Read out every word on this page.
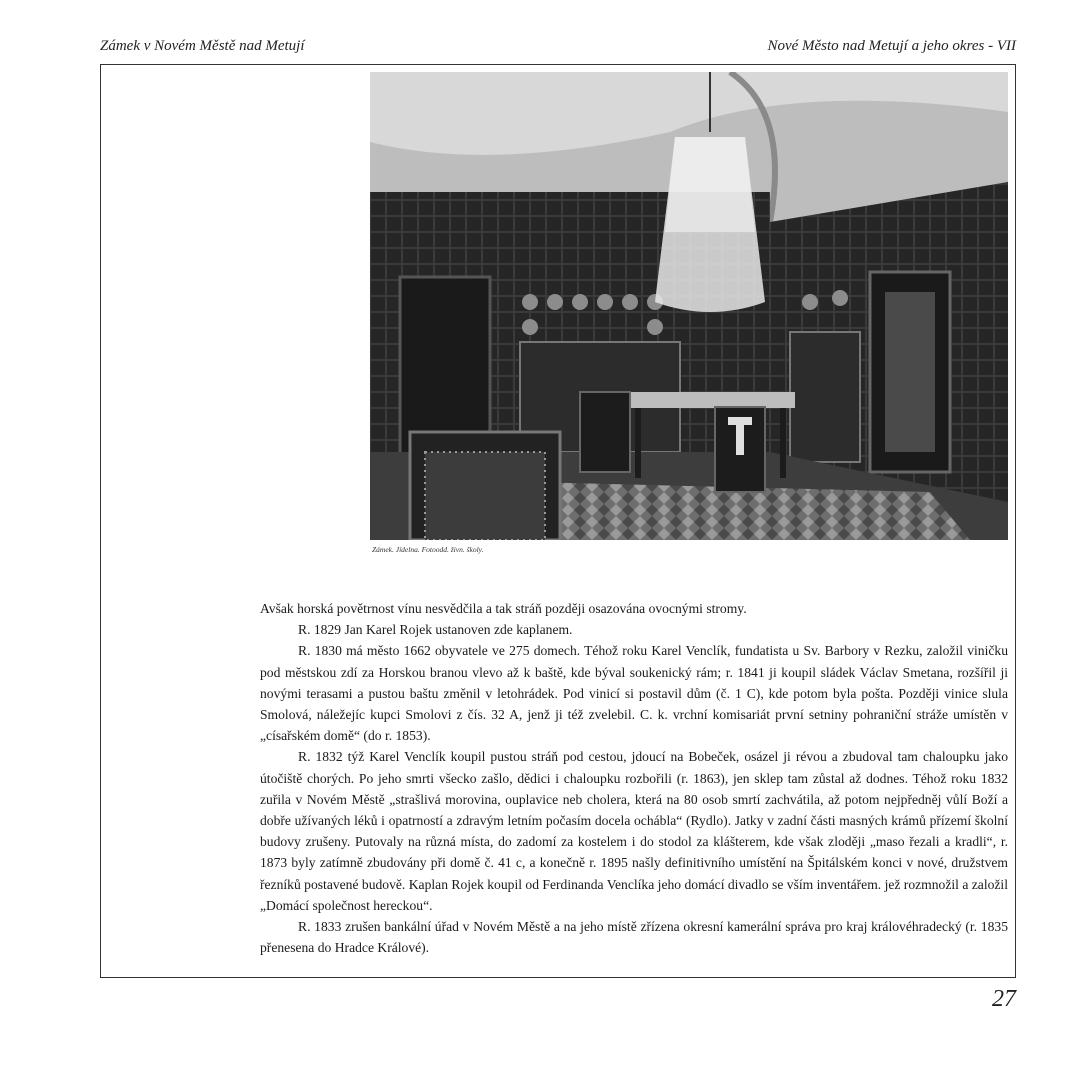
Zámek v Novém Městě nad Metují	Nové Město nad Metují a jeho okres - VII
Zámek. Jídelna. Fotoodd. živn. školy.

Avšak horská povětrnost vínu nesvědčila a tak stráň později osazována ovocnými stromy.

R. 1829 Jan Karel Rojek ustanoven zde kaplanem.

R. 1830 má město 1662 obyvatele ve 275 domech. Téhož roku Karel Venclík, fundatista u Sv. Barbory v Rezku, založil viničku pod městskou zdí za Horskou branou vlevo až k baště, kde býval soukenický rám; r. 1841 ji koupil sládek Václav Smetana, rozšířil ji novými terasami a pustou baštu změnil v letohrádek. Pod vinicí si postavil dům (č. 1 C), kde potom byla pošta. Později vinice slula Smolová, náležejíc kupci Smolovi z čís. 32 A, jenž ji též zvelebil. C. k. vrchní komisariát první setniny pohraniční stráže umístěn v „císařském domě“ (do r. 1853).

R. 1832 týž Karel Venclík koupil pustou stráň pod cestou, jdoucí na Bobeček, osázel ji révou a zbudoval tam chaloupku jako útočiště chorých. Po jeho smrti všecko zašlo, dědici i chaloupku rozbořili (r. 1863), jen sklep tam zůstal až dodnes. Téhož roku 1832 zuřila v Novém Městě „strašlivá morovina, ouplavice neb cholera, která na 80 osob smrtí zachvátila, až potom nejpředněj vůlí Boží a dobře užívaných léků i opatrností a zdravým letním počasím docela ochábla“ (Rydlo). Jatky v zadní části masných krámů přízemí školní budovy zrušeny. Putovaly na různá místa, do zadomí za kostelem i do stodol za klášterem, kde však zloději „maso řezali a kradli“, r. 1873 byly zatímně zbudovány při domě č. 41 c, a konečně r. 1895 našly definitivního umístění na Špitálském konci v nové, družstvem řezníků postavené budově. Kaplan Rojek koupil od Ferdinanda Venclíka jeho domácí divadlo se vším inventářem. jež rozmnožil a založil „Domácí společnost hereckou“.

R. 1833 zrušen bankální úřad v Novém Městě a na jeho místě zřízena okresní kamerální správa pro kraj královéhradecký (r. 1835 přenesena do Hradce Králové).

27
